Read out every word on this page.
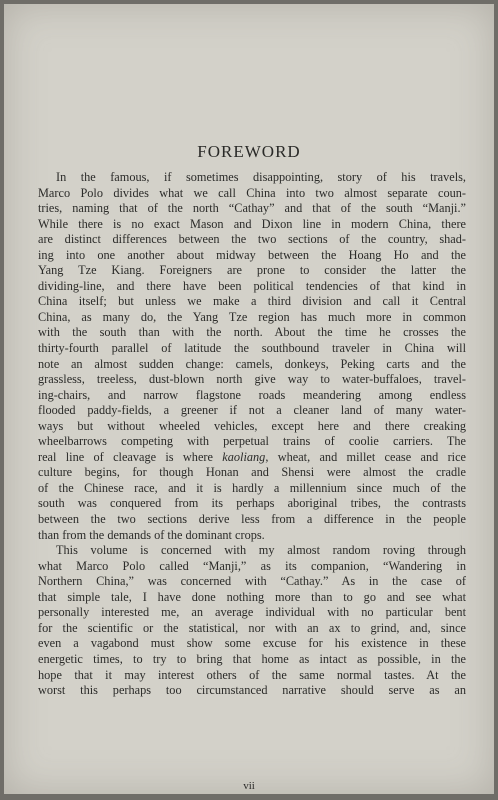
FOREWORD
In the famous, if sometimes disappointing, story of his travels,
Marco Polo divides what we call China into two almost separate coun-
tries, naming that of the north “Cathay” and that of the south “Manji.”
While there is no exact Mason and Dixon line in modern China, there
are distinct differences between the two sections of the country, shad-
ing into one another about midway between the Hoang Ho and the
Yang Tze Kiang. Foreigners are prone to consider the latter the
dividing-line, and there have been political tendencies of that kind in
China itself; but unless we make a third division and call it Central
China, as many do, the Yang Tze region has much more in common
with the south than with the north. About the time he crosses the
thirty-fourth parallel of latitude the southbound traveler in China will
note an almost sudden change: camels, donkeys, Peking carts and the
grassless, treeless, dust-blown north give way to water-buffaloes, travel-
ing-chairs, and narrow flagstone roads meandering among endless
flooded paddy-fields, a greener if not a cleaner land of many water-
ways but without wheeled vehicles, except here and there creaking
wheelbarrows competing with perpetual trains of coolie carriers. The
real line of cleavage is where kaoliang, wheat, and millet cease and rice
culture begins, for though Honan and Shensi were almost the cradle
of the Chinese race, and it is hardly a millennium since much of the
south was conquered from its perhaps aboriginal tribes, the contrasts
between the two sections derive less from a difference in the people
than from the demands of the dominant crops.
This volume is concerned with my almost random roving through
what Marco Polo called “Manji,” as its companion, “Wandering in
Northern China,” was concerned with “Cathay.” As in the case of
that simple tale, I have done nothing more than to go and see what
personally interested me, an average individual with no particular bent
for the scientific or the statistical, nor with an ax to grind, and, since
even a vagabond must show some excuse for his existence in these
energetic times, to try to bring that home as intact as possible, in the
hope that it may interest others of the same normal tastes. At the
worst this perhaps too circumstanced narrative should serve as an
vii
